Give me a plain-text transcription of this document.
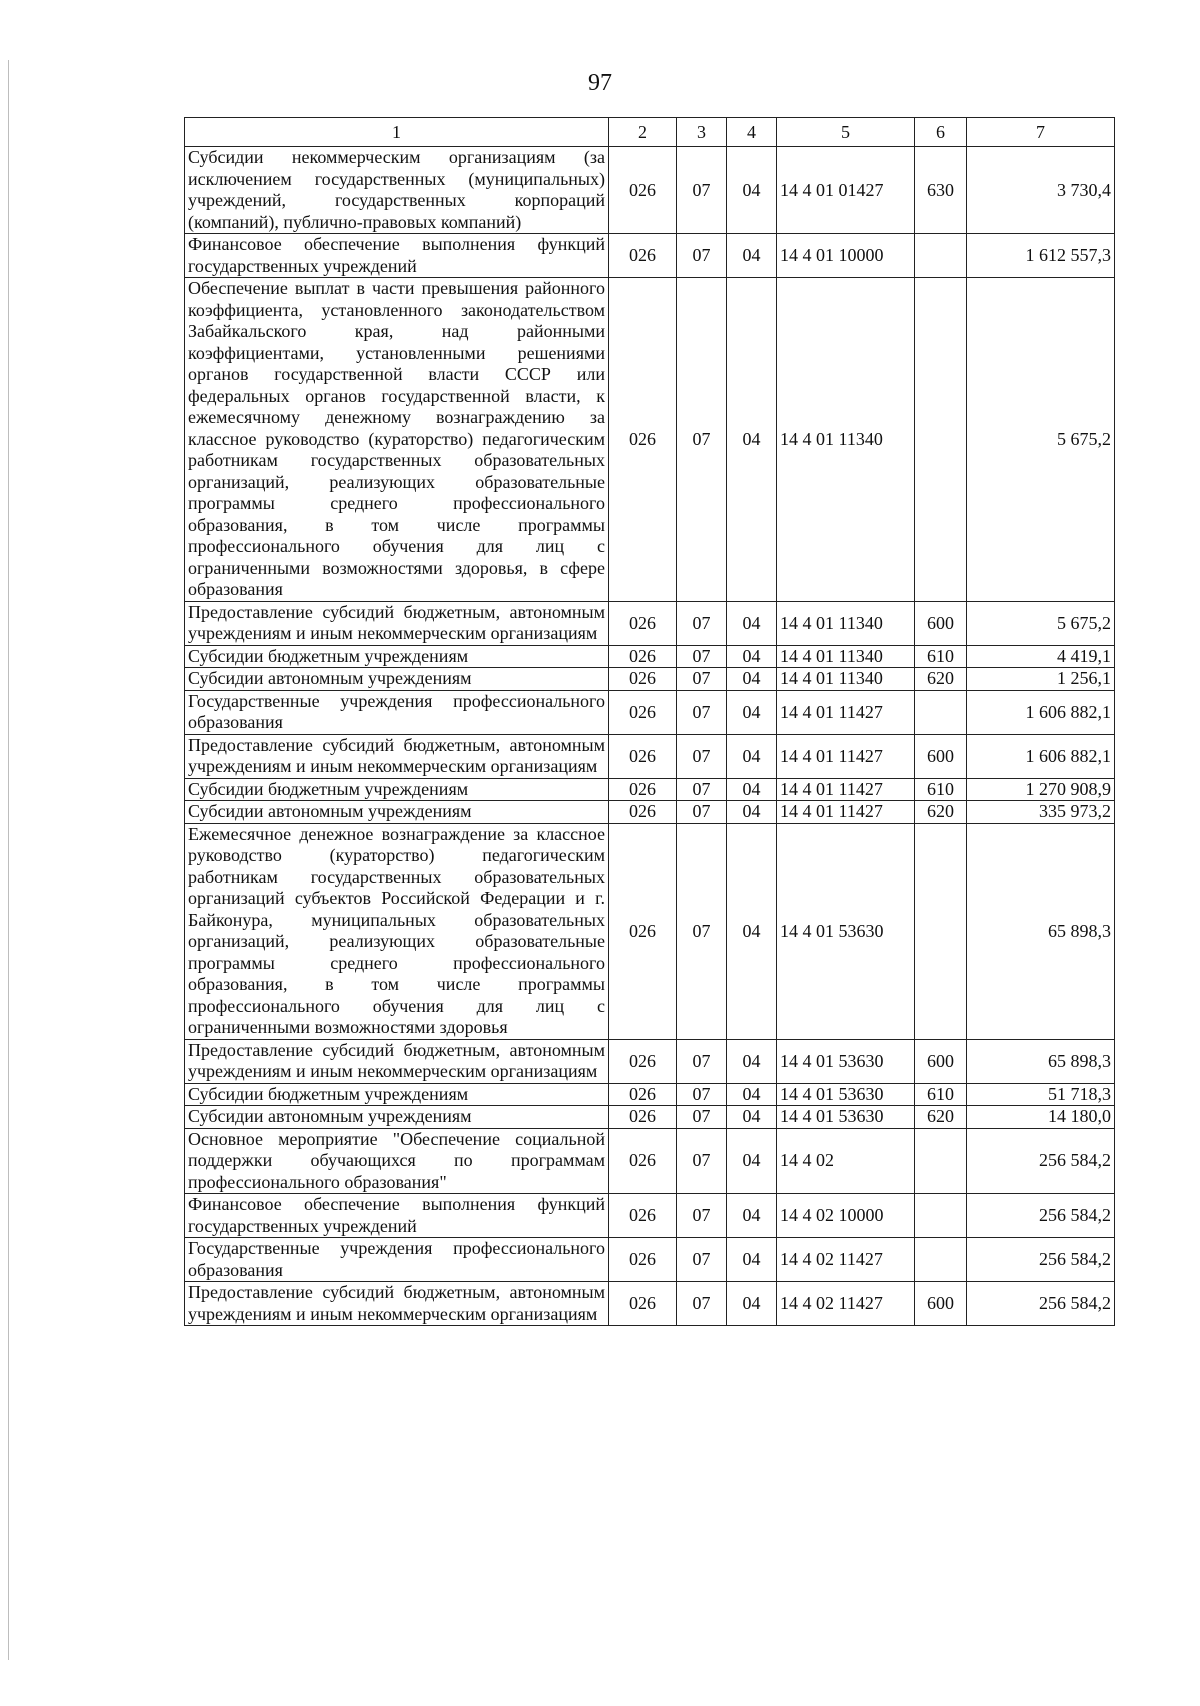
97
1	2	3	4	5	6	7
Субсидии некоммерческим организациям (за исключением государственных (муниципальных) учреждений, государственных корпораций (компаний), публично-правовых компаний)	026	07	04	14 4 01 01427	630	3 730,4
Финансовое обеспечение выполнения функций государственных учреждений	026	07	04	14 4 01 10000		1 612 557,3
Обеспечение выплат в части превышения районного коэффициента, установленного законодательством Забайкальского края, над районными коэффициентами, установленными решениями органов государственной власти СССР или федеральных органов государственной власти, к ежемесячному денежному вознаграждению за классное руководство (кураторство) педагогическим работникам государственных образовательных организаций, реализующих образовательные программы среднего профессионального образования, в том числе программы профессионального обучения для лиц с ограниченными возможностями здоровья, в сфере образования	026	07	04	14 4 01 11340		5 675,2
Предоставление субсидий бюджетным, автономным учреждениям и иным некоммерческим организациям	026	07	04	14 4 01 11340	600	5 675,2
Субсидии бюджетным учреждениям	026	07	04	14 4 01 11340	610	4 419,1
Субсидии автономным учреждениям	026	07	04	14 4 01 11340	620	1 256,1
Государственные учреждения профессионального образования	026	07	04	14 4 01 11427		1 606 882,1
Предоставление субсидий бюджетным, автономным учреждениям и иным некоммерческим организациям	026	07	04	14 4 01 11427	600	1 606 882,1
Субсидии бюджетным учреждениям	026	07	04	14 4 01 11427	610	1 270 908,9
Субсидии автономным учреждениям	026	07	04	14 4 01 11427	620	335 973,2
Ежемесячное денежное вознаграждение за классное руководство (кураторство) педагогическим работникам государственных образовательных организаций субъектов Российской Федерации и г. Байконура, муниципальных образовательных организаций, реализующих образовательные программы среднего профессионального образования, в том числе программы профессионального обучения для лиц с ограниченными возможностями здоровья	026	07	04	14 4 01 53630		65 898,3
Предоставление субсидий бюджетным, автономным учреждениям и иным некоммерческим организациям	026	07	04	14 4 01 53630	600	65 898,3
Субсидии бюджетным учреждениям	026	07	04	14 4 01 53630	610	51 718,3
Субсидии автономным учреждениям	026	07	04	14 4 01 53630	620	14 180,0
Основное мероприятие "Обеспечение социальной поддержки обучающихся по программам профессионального образования"	026	07	04	14 4 02		256 584,2
Финансовое обеспечение выполнения функций государственных учреждений	026	07	04	14 4 02 10000		256 584,2
Государственные учреждения профессионального образования	026	07	04	14 4 02 11427		256 584,2
Предоставление субсидий бюджетным, автономным учреждениям и иным некоммерческим организациям	026	07	04	14 4 02 11427	600	256 584,2
